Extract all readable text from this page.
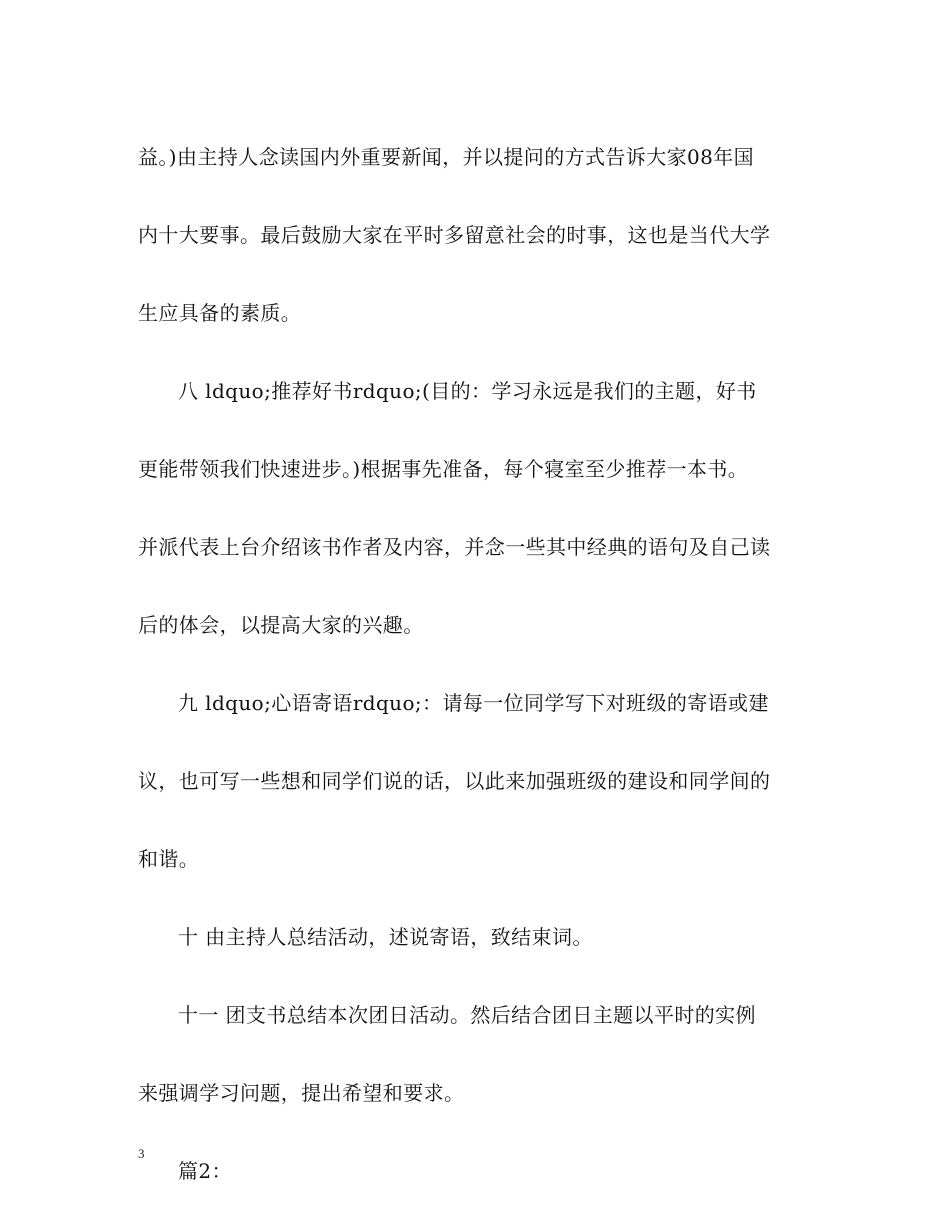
益。)由主持人念读国内外重要新闻，并以提问的方式告诉大家08年国
内十大要事。最后鼓励大家在平时多留意社会的时事，这也是当代大学
生应具备的素质。

八 ldquo;推荐好书rdquo;(目的：学习永远是我们的主题，好书
更能带领我们快速进步。)根据事先准备，每个寝室至少推荐一本书。
并派代表上台介绍该书作者及内容，并念一些其中经典的语句及自己读
后的体会，以提高大家的兴趣。

九 ldquo;心语寄语rdquo;：请每一位同学写下对班级的寄语或建
议，也可写一些想和同学们说的话，以此来加强班级的建设和同学间的
和谐。

十 由主持人总结活动，述说寄语，致结束词。

十一 团支书总结本次团日活动。然后结合团日主题以平时的实例
来强调学习问题，提出希望和要求。

篇2：

3
